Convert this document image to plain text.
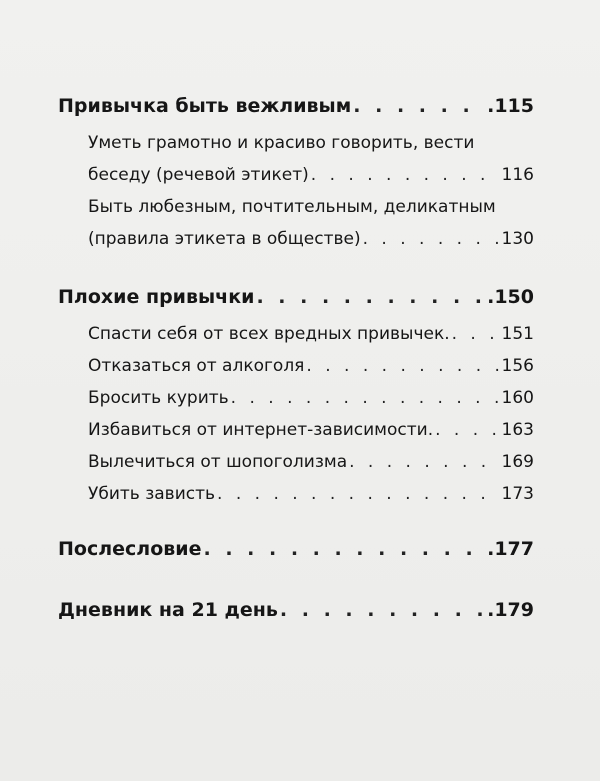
Привычка быть вежливым . . .	.115
Уметь грамотно и красиво говорить, вести
беседу (речевой этикет) . . .	116
Быть любезным, почтительным, деликатным
(правила этикета в обществе) . . .	130
Плохие привычки . . .	.150
Спасти себя от всех вредных привычек. . . .	151
Отказаться от алкоголя . . .	156
Бросить курить . . .	160
Избавиться от интернет-зависимости. . . .	163
Вылечиться от шопоголизма . . .	169
Убить зависть . . .	173
Послесловие . . .	.177
Дневник на 21 день . . .	.179
